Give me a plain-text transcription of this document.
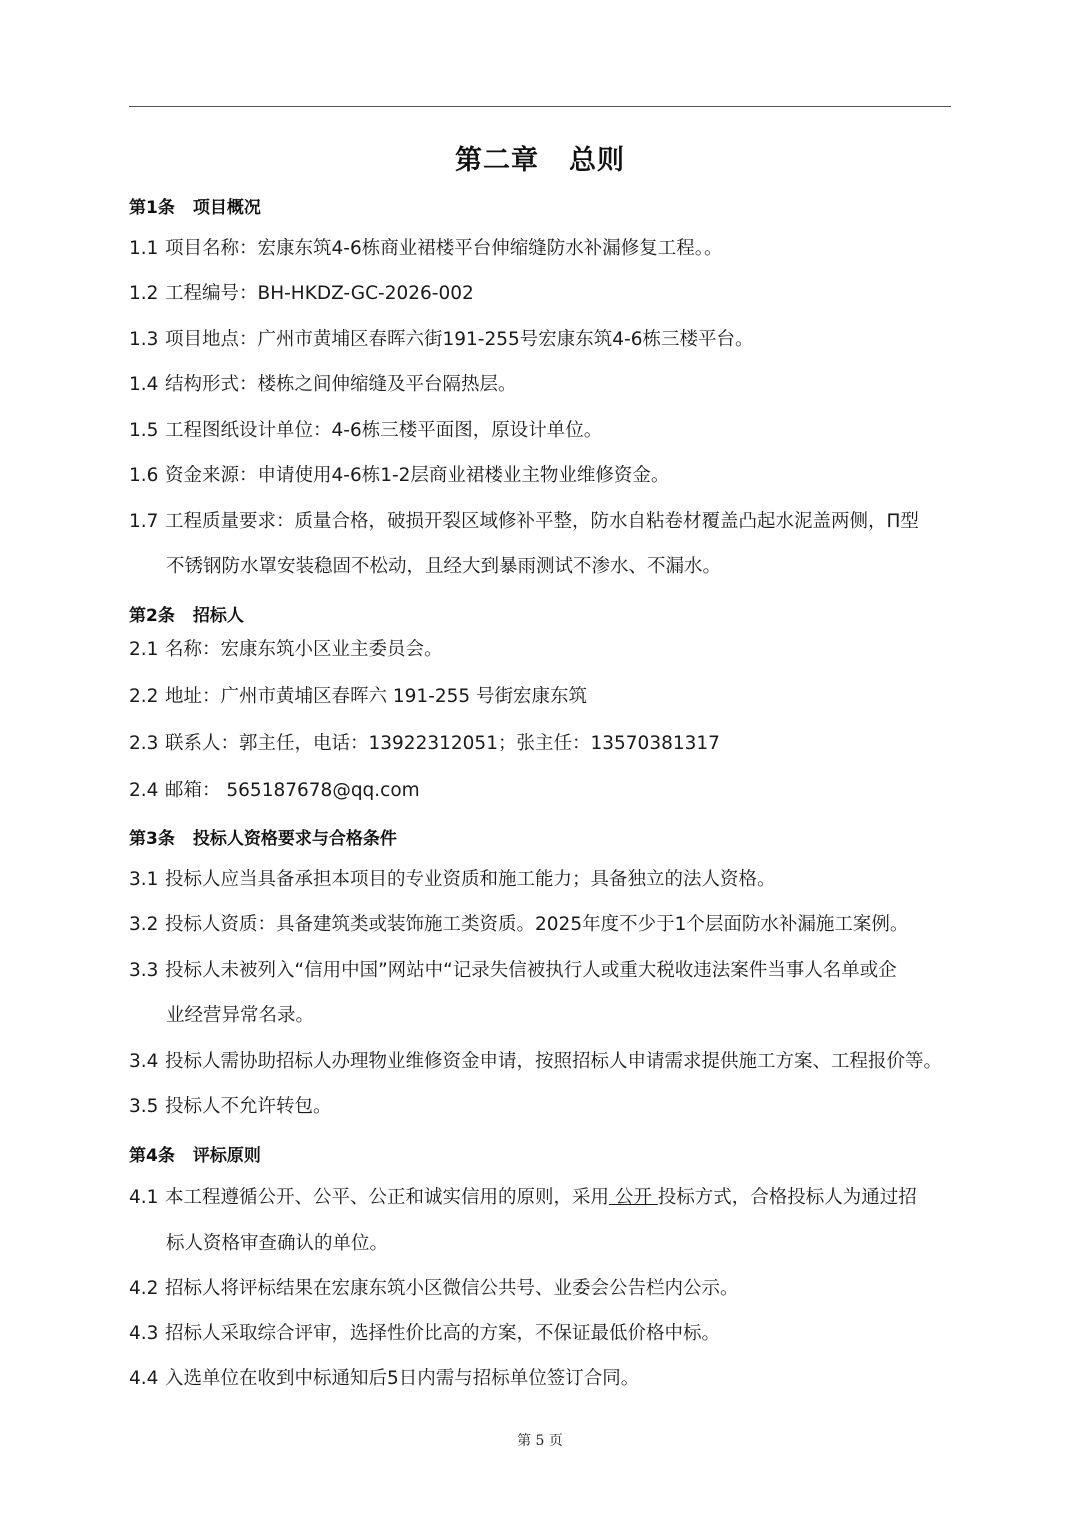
第二章 总则
第1条 项目概况
1.1 项目名称：宏康东筑4-6栋商业裙楼平台伸缩缝防水补漏修复工程。。
1.2 工程编号：BH-HKDZ-GC-2026-002
1.3 项目地点：广州市黄埔区春晖六街191-255号宏康东筑4-6栋三楼平台。
1.4 结构形式：楼栋之间伸缩缝及平台隔热层。
1.5 工程图纸设计单位：4-6栋三楼平面图，原设计单位。
1.6 资金来源：申请使用4-6栋1-2层商业裙楼业主物业维修资金。
1.7 工程质量要求：质量合格，破损开裂区域修补平整，防水自粘卷材覆盖凸起水泥盖两侧，Π型
不锈钢防水罩安装稳固不松动，且经大到暴雨测试不渗水、不漏水。
第2条 招标人
2.1 名称：宏康东筑小区业主委员会。
2.2 地址：广州市黄埔区春晖六 191-255 号街宏康东筑
2.3 联系人：郭主任，电话：13922312051；张主任：13570381317
2.4 邮箱： 565187678@qq.com
第3条 投标人资格要求与合格条件
3.1 投标人应当具备承担本项目的专业资质和施工能力；具备独立的法人资格。
3.2 投标人资质：具备建筑类或装饰施工类资质。2025年度不少于1个层面防水补漏施工案例。
3.3 投标人未被列入“信用中国”网站中“记录失信被执行人或重大税收违法案件当事人名单或企
业经营异常名录。
3.4 投标人需协助招标人办理物业维修资金申请，按照招标人申请需求提供施工方案、工程报价等。
3.5 投标人不允许转包。
第4条 评标原则
4.1 本工程遵循公开、公平、公正和诚实信用的原则，采用 公开 投标方式，合格投标人为通过招
标人资格审查确认的单位。
4.2 招标人将评标结果在宏康东筑小区微信公共号、业委会公告栏内公示。
4.3 招标人采取综合评审，选择性价比高的方案，不保证最低价格中标。
4.4 入选单位在收到中标通知后5日内需与招标单位签订合同。
第 5 页
